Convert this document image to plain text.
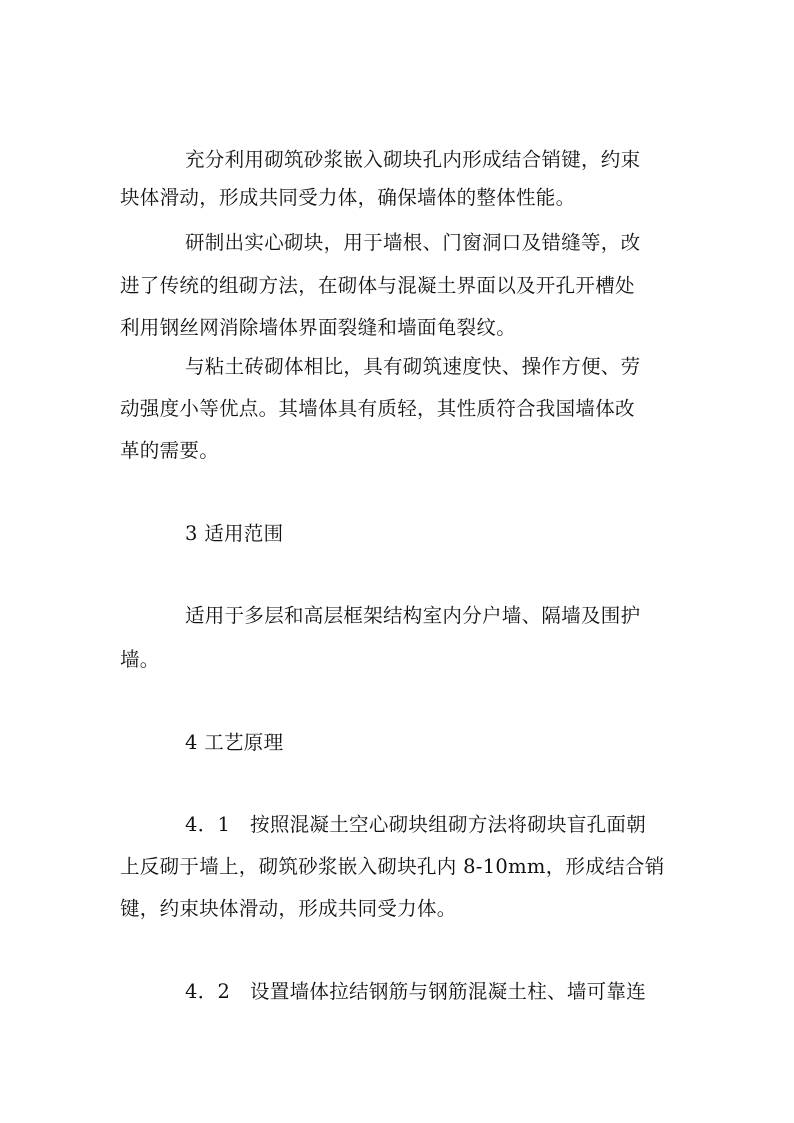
充分利用砌筑砂浆嵌入砌块孔内形成结合销键，约束

块体滑动，形成共同受力体，确保墙体的整体性能。

研制出实心砌块，用于墙根、门窗洞口及错缝等，改

进了传统的组砌方法，在砌体与混凝土界面以及开孔开槽处

利用钢丝网消除墙体界面裂缝和墙面龟裂纹。

与粘土砖砌体相比，具有砌筑速度快、操作方便、劳

动强度小等优点。其墙体具有质轻，其性质符合我国墙体改

革的需要。

3 适用范围

适用于多层和高层框架结构室内分户墙、隔墙及围护

墙。

4 工艺原理

4．1　按照混凝土空心砌块组砌方法将砌块盲孔面朝

上反砌于墙上，砌筑砂浆嵌入砌块孔内 8-10mm，形成结合销

键，约束块体滑动，形成共同受力体。

4．2　设置墙体拉结钢筋与钢筋混凝土柱、墙可靠连
